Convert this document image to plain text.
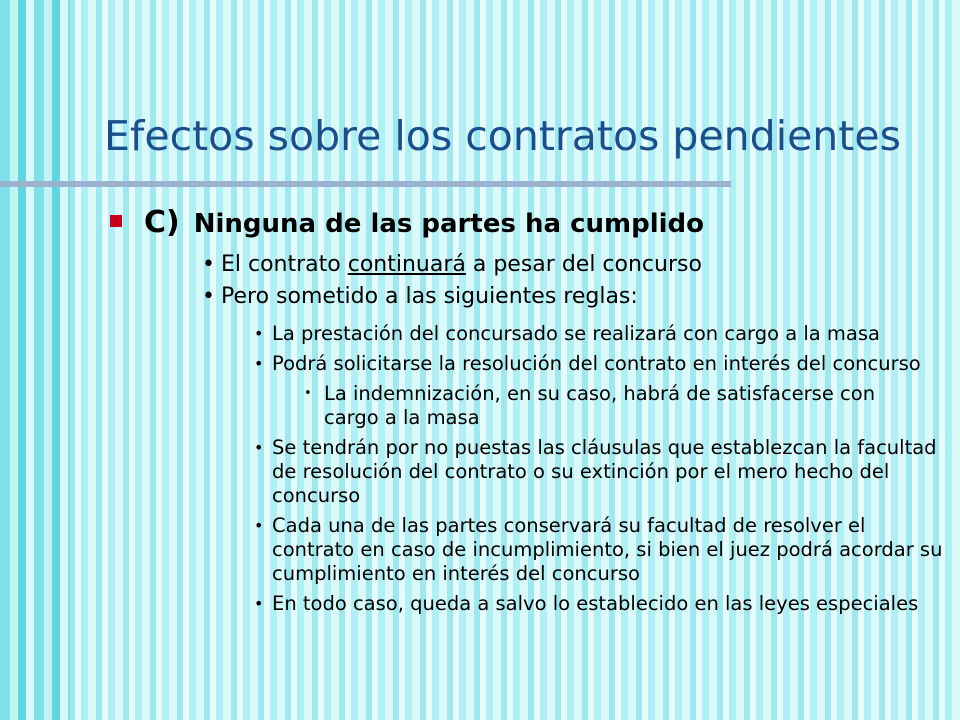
Efectos sobre los contratos pendientes
C) Ninguna de las partes ha cumplido
• El contrato continuará a pesar del concurso
• Pero sometido a las siguientes reglas:
• La prestación del concursado se realizará con cargo a la masa
• Podrá solicitarse la resolución del contrato en interés del concurso
• La indemnización, en su caso, habrá de satisfacerse con cargo a la masa
• Se tendrán por no puestas las cláusulas que establezcan la facultad de resolución del contrato o su extinción por el mero hecho del concurso
• Cada una de las partes conservará su facultad de resolver el contrato en caso de incumplimiento, si bien el juez podrá acordar su cumplimiento en interés del concurso
• En todo caso, queda a salvo lo establecido en las leyes especiales
